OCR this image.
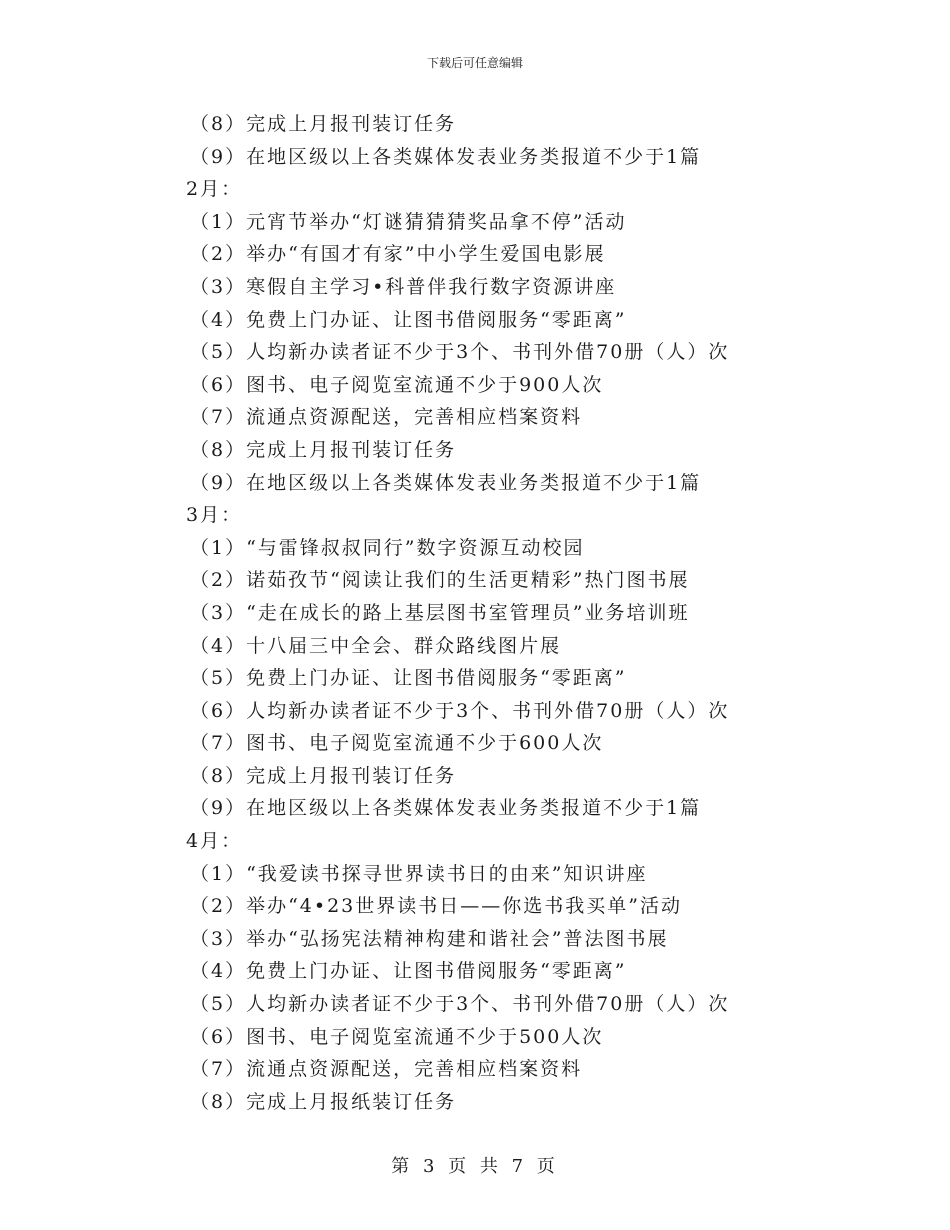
下载后可任意编辑
（8）完成上月报刊装订任务
（9）在地区级以上各类媒体发表业务类报道不少于1篇
2月：
（1）元宵节举办“灯谜猜猜猜奖品拿不停”活动
（2）举办“有国才有家”中小学生爱国电影展
（3）寒假自主学习•科普伴我行数字资源讲座
（4）免费上门办证、让图书借阅服务“零距离”
（5）人均新办读者证不少于3个、书刊外借70册（人）次
（6）图书、电子阅览室流通不少于900人次
（7）流通点资源配送，完善相应档案资料
（8）完成上月报刊装订任务
（9）在地区级以上各类媒体发表业务类报道不少于1篇
3月：
（1）“与雷锋叔叔同行”数字资源互动校园
（2）诺茹孜节“阅读让我们的生活更精彩”热门图书展
（3）“走在成长的路上基层图书室管理员”业务培训班
（4）十八届三中全会、群众路线图片展
（5）免费上门办证、让图书借阅服务“零距离”
（6）人均新办读者证不少于3个、书刊外借70册（人）次
（7）图书、电子阅览室流通不少于600人次
（8）完成上月报刊装订任务
（9）在地区级以上各类媒体发表业务类报道不少于1篇
4月：
（1）“我爱读书探寻世界读书日的由来”知识讲座
（2）举办“4•23世界读书日——你选书我买单”活动
（3）举办“弘扬宪法精神构建和谐社会”普法图书展
（4）免费上门办证、让图书借阅服务“零距离”
（5）人均新办读者证不少于3个、书刊外借70册（人）次
（6）图书、电子阅览室流通不少于500人次
（7）流通点资源配送，完善相应档案资料
（8）完成上月报纸装订任务
第 3 页 共 7 页
